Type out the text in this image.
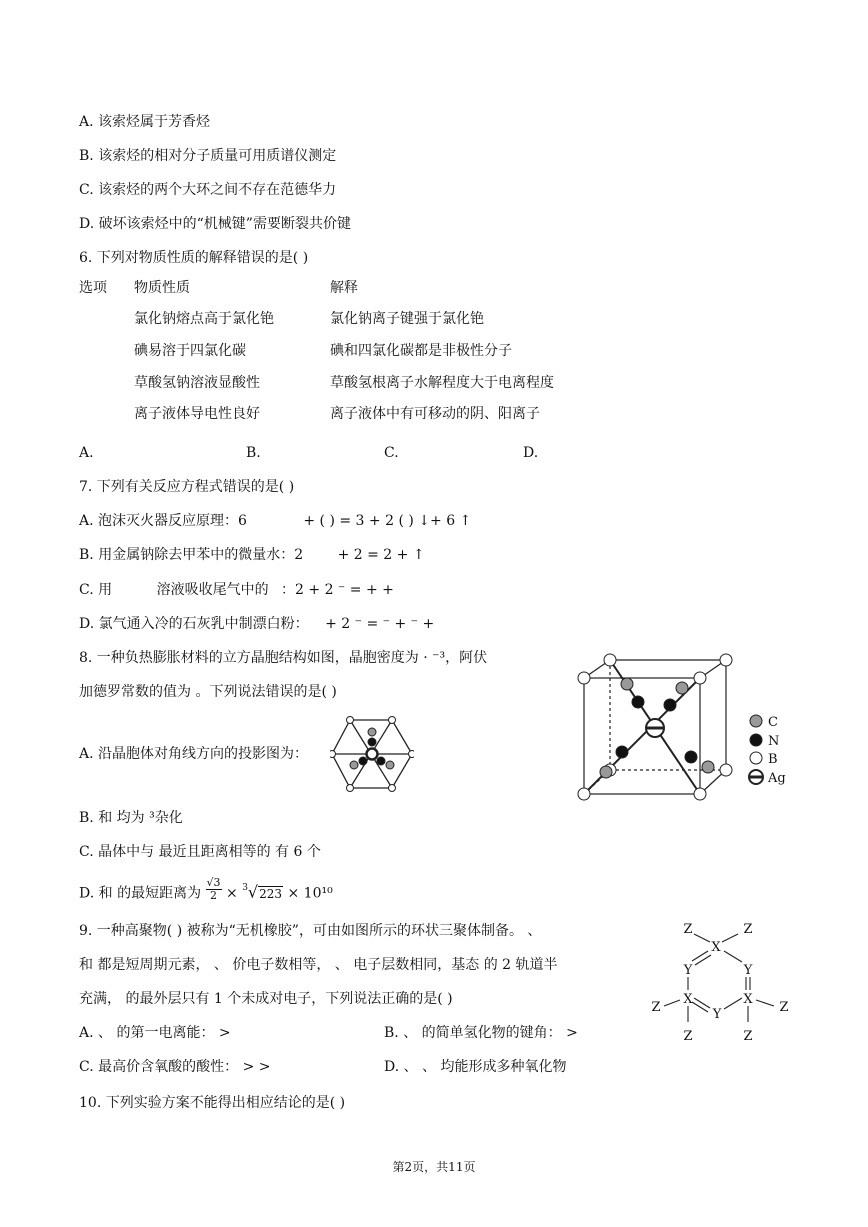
A. 该索烃属于芳香烃
B. 该索烃的相对分子质量可用质谱仪测定
C. 该索烃的两个大环之间不存在范德华力
D. 破坏该索烃中的“机械键”需要断裂共价键
6. 下列对物质性质的解释错误的是( )
选项 物质性质	解释
氯化钠熔点高于氯化铯	氯化钠离子键强于氯化铯
碘易溶于四氯化碳	碘和四氯化碳都是非极性分子
草酸氢钠溶液显酸性	草酸氢根离子水解程度大于电离程度
离子液体导电性良好	离子液体中有可移动的阴、阳离子
A.	B.	C.	D.
7. 下列有关反应方程式错误的是( )
A. 泡沫灭火器反应原理：6	+ ( ) = 3 + 2 ( ) ↓+ 6 ↑
B. 用金属钠除去甲苯中的微量水：2 + 2 = 2 + ↑
C. 用	溶液吸收尾气中的 ：2 + 2 ⁻ = + +
D. 氯气通入冷的石灰乳中制漂白粉： + 2 ⁻ = ⁻ + ⁻ +
8. 一种负热膨胀材料的立方晶胞结构如图，晶胞密度为 · ⁻³，阿伏
加德罗常数的值为 。下列说法错误的是( )
A. 沿晶胞体对角线方向的投影图为：
B. 和 均为 ³杂化
C. 晶体中与 最近且距离相等的 有 6 个
D. 和 的最短距离为 $\frac{√3}{2} \times ^3√223 \times 10^{10}$
C
N
B
Ag
9. 一种高聚物( ) 被称为“无机橡胶”，可由如图所示的环状三聚体制备。 、
和 都是短周期元素， 、 价电子数相等， 、 电子层数相同，基态 的 2 轨道半
充满， 的最外层只有 1 个未成对电子，下列说法正确的是( )
A. 、 的第一电离能： >	B. 、 的简单氢化物的键角： >
C. 最高价含氧酸的酸性： > >	D. 、 、 均能形成多种氧化物
X
Z	Z
Y	Y
X	X
Y
Z	Z
Z	Z
10. 下列实验方案不能得出相应结论的是( )
第2页，共11页
